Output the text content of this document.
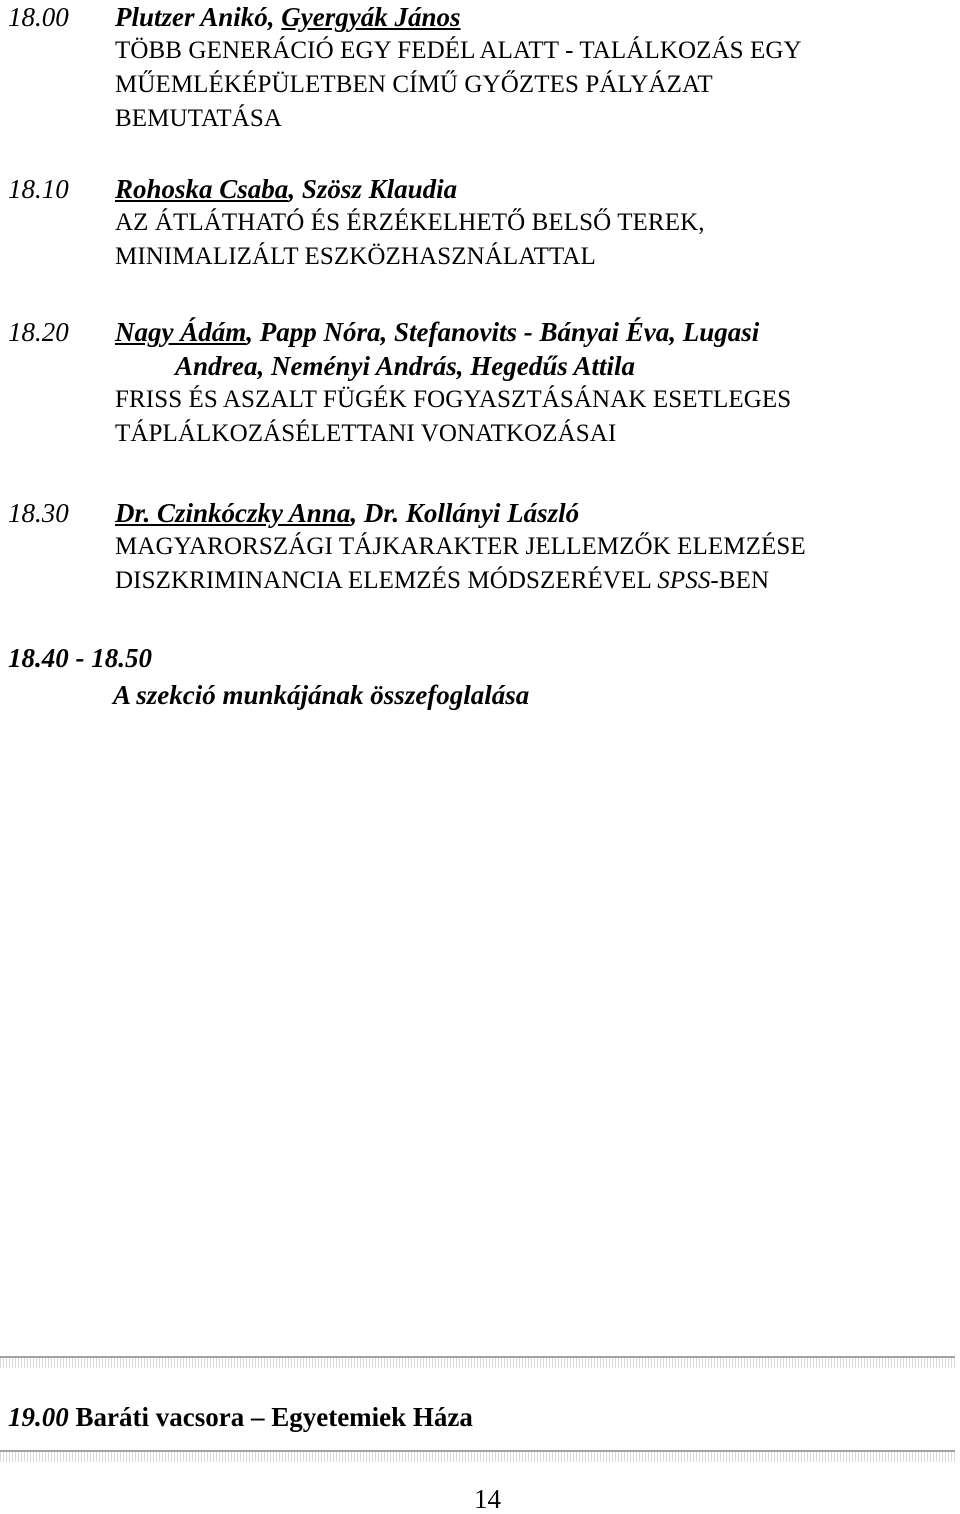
18.00 Plutzer Anikó, Gyergyák János
TÖBB GENERÁCIÓ EGY FEDÉL ALATT - TALÁLKOZÁS EGY
MŰEMLÉKÉPÜLETBEN CÍMŰ GYŐZTES PÁLYÁZAT
BEMUTATÁSA
18.10 Rohoska Csaba, Szösz Klaudia
AZ ÁTLÁTHATÓ ÉS ÉRZÉKELHETŐ BELSŐ TEREK,
MINIMALIZÁLT ESZKÖZHASZNÁLATTAL
18.20 Nagy Ádám, Papp Nóra, Stefanovits - Bányai Éva, Lugasi
Andrea, Neményi András, Hegedűs Attila
FRISS ÉS ASZALT FÜGÉK FOGYASZTÁSÁNAK ESETLEGES
TÁPLÁLKOZÁSÉLETTANI VONATKOZÁSAI
18.30 Dr. Czinkóczky Anna, Dr. Kollányi László
MAGYARORSZÁGI TÁJKARAKTER JELLEMZŐK ELEMZÉSE
DISZKRIMINANCIA ELEMZÉS MÓDSZERÉVEL SPSS-BEN
18.40 - 18.50
A szekció munkájának összefoglalása
19.00 Baráti vacsora – Egyetemiek Háza
14
